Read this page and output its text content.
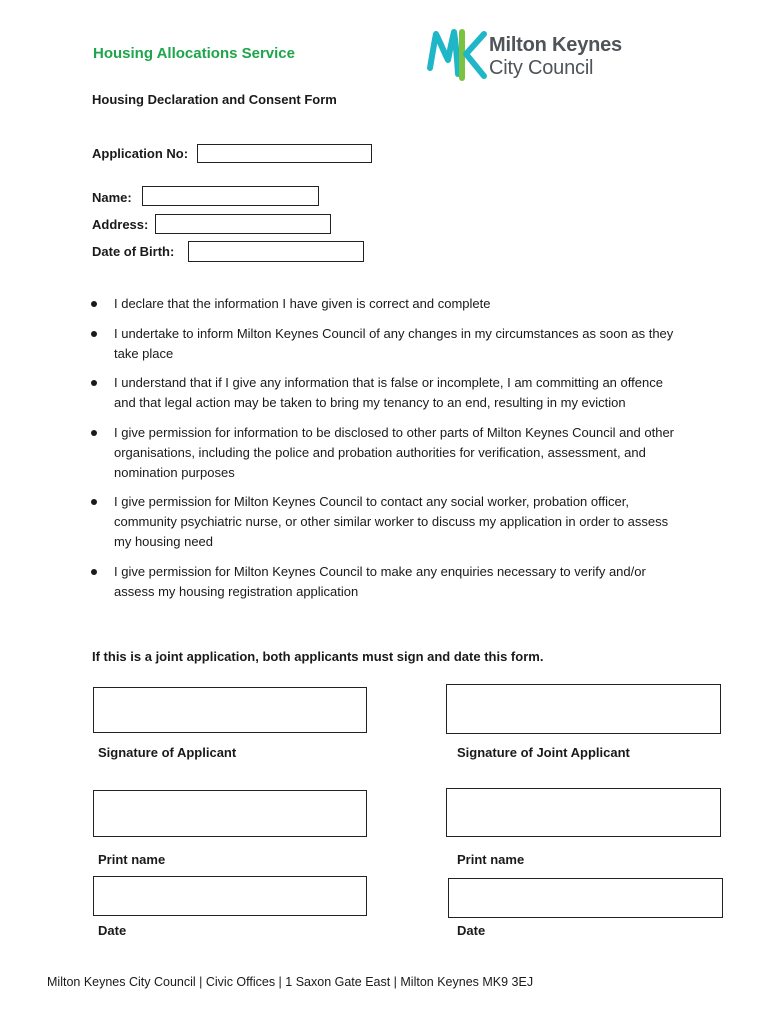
Housing Allocations Service	Milton Keynes
City Council
Housing Declaration and Consent Form
Application No:
Name:
Address:
Date of Birth:
I declare that the information I have given is correct and complete
I undertake to inform Milton Keynes Council of any changes in my circumstances as soon as they take place
I understand that if I give any information that is false or incomplete, I am committing an offence and that legal action may be taken to bring my tenancy to an end, resulting in my eviction
I give permission for information to be disclosed to other parts of Milton Keynes Council and other organisations, including the police and probation authorities for verification, assessment, and nomination purposes
I give permission for Milton Keynes Council to contact any social worker, probation officer, community psychiatric nurse, or other similar worker to discuss my application in order to assess my housing need
I give permission for Milton Keynes Council to make any enquiries necessary to verify and/or assess my housing registration application
If this is a joint application, both applicants must sign and date this form.
Signature of Applicant	Signature of Joint Applicant
Print name	Print name
Date	Date
Milton Keynes City Council | Civic Offices | 1 Saxon Gate East | Milton Keynes MK9 3EJ
